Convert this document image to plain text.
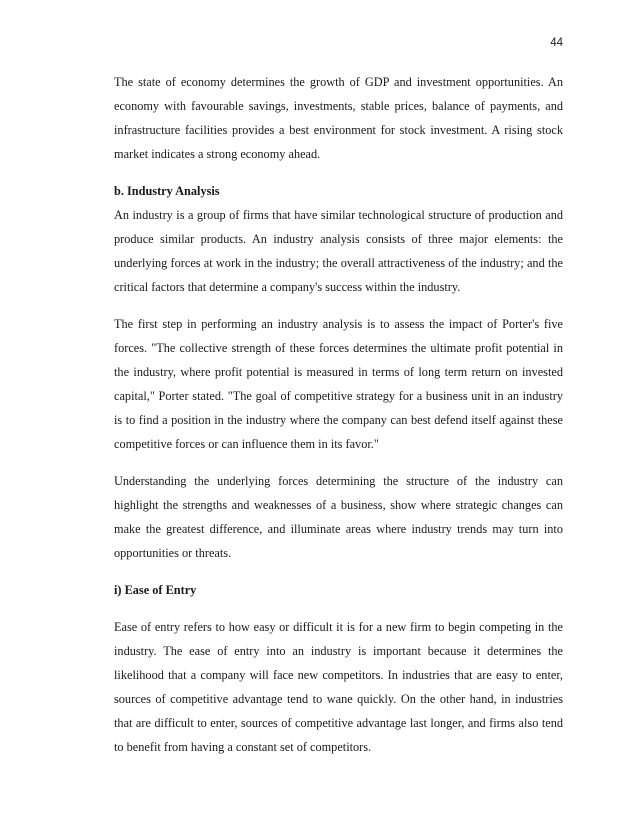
44

The state of economy determines the growth of GDP and investment opportunities. An economy with favourable savings, investments, stable prices, balance of payments, and infrastructure facilities provides a best environment for stock investment. A rising stock market indicates a strong economy ahead.

b. Industry Analysis

An industry is a group of firms that have similar technological structure of production and produce similar products. An industry analysis consists of three major elements: the underlying forces at work in the industry; the overall attractiveness of the industry; and the critical factors that determine a company's success within the industry.

The first step in performing an industry analysis is to assess the impact of Porter's five forces. "The collective strength of these forces determines the ultimate profit potential in the industry, where profit potential is measured in terms of long term return on invested capital," Porter stated. "The goal of competitive strategy for a business unit in an industry is to find a position in the industry where the company can best defend itself against these competitive forces or can influence them in its favor."

Understanding the underlying forces determining the structure of the industry can highlight the strengths and weaknesses of a business, show where strategic changes can make the greatest difference, and illuminate areas where industry trends may turn into opportunities or threats.

i) Ease of Entry

Ease of entry refers to how easy or difficult it is for a new firm to begin competing in the industry. The ease of entry into an industry is important because it determines the likelihood that a company will face new competitors. In industries that are easy to enter, sources of competitive advantage tend to wane quickly. On the other hand, in industries that are difficult to enter, sources of competitive advantage last longer, and firms also tend to benefit from having a constant set of competitors.
